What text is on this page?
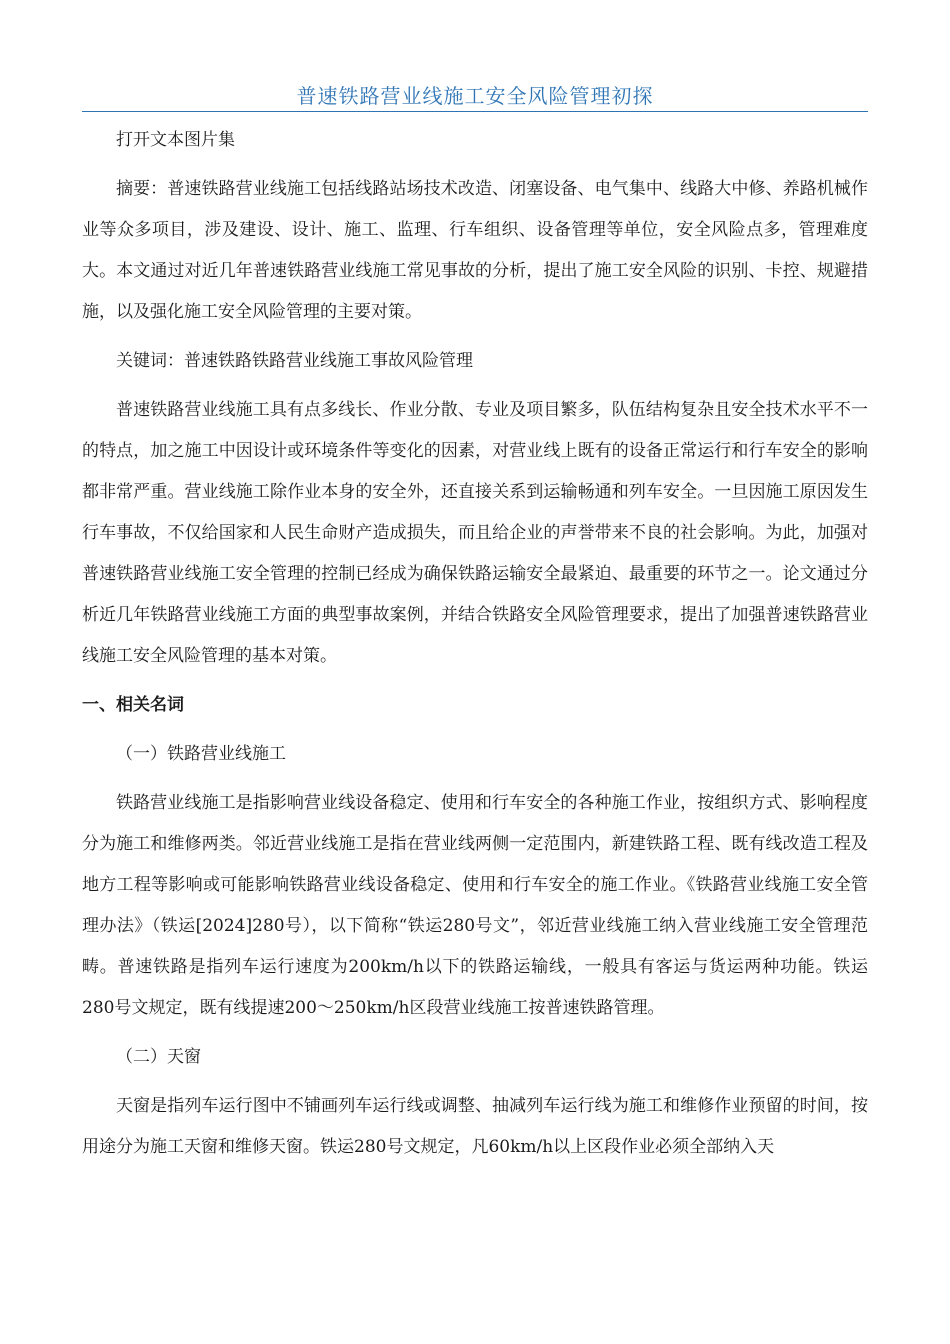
普速铁路营业线施工安全风险管理初探

打开文本图片集

摘要：普速铁路营业线施工包括线路站场技术改造、闭塞设备、电气集中、线路大中修、养路机械作业等众多项目，涉及建设、设计、施工、监理、行车组织、设备管理等单位，安全风险点多，管理难度大。本文通过对近几年普速铁路营业线施工常见事故的分析，提出了施工安全风险的识别、卡控、规避措施，以及强化施工安全风险管理的主要对策。

关键词：普速铁路铁路营业线施工事故风险管理

普速铁路营业线施工具有点多线长、作业分散、专业及项目繁多，队伍结构复杂且安全技术水平不一的特点，加之施工中因设计或环境条件等变化的因素，对营业线上既有的设备正常运行和行车安全的影响都非常严重。营业线施工除作业本身的安全外，还直接关系到运输畅通和列车安全。一旦因施工原因发生行车事故，不仅给国家和人民生命财产造成损失，而且给企业的声誉带来不良的社会影响。为此，加强对普速铁路营业线施工安全管理的控制已经成为确保铁路运输安全最紧迫、最重要的环节之一。论文通过分析近几年铁路营业线施工方面的典型事故案例，并结合铁路安全风险管理要求，提出了加强普速铁路营业线施工安全风险管理的基本对策。

一、相关名词

（一）铁路营业线施工

铁路营业线施工是指影响营业线设备稳定、使用和行车安全的各种施工作业，按组织方式、影响程度分为施工和维修两类。邻近营业线施工是指在营业线两侧一定范围内，新建铁路工程、既有线改造工程及地方工程等影响或可能影响铁路营业线设备稳定、使用和行车安全的施工作业。《铁路营业线施工安全管理办法》（铁运[2024]280号），以下简称“铁运280号文”，邻近营业线施工纳入营业线施工安全管理范畴。普速铁路是指列车运行速度为200km/h以下的铁路运输线，一般具有客运与货运两种功能。铁运280号文规定，既有线提速200～250km/h区段营业线施工按普速铁路管理。

（二）天窗

天窗是指列车运行图中不铺画列车运行线或调整、抽减列车运行线为施工和维修作业预留的时间，按用途分为施工天窗和维修天窗。铁运280号文规定，凡60km/h以上区段作业必须全部纳入天
